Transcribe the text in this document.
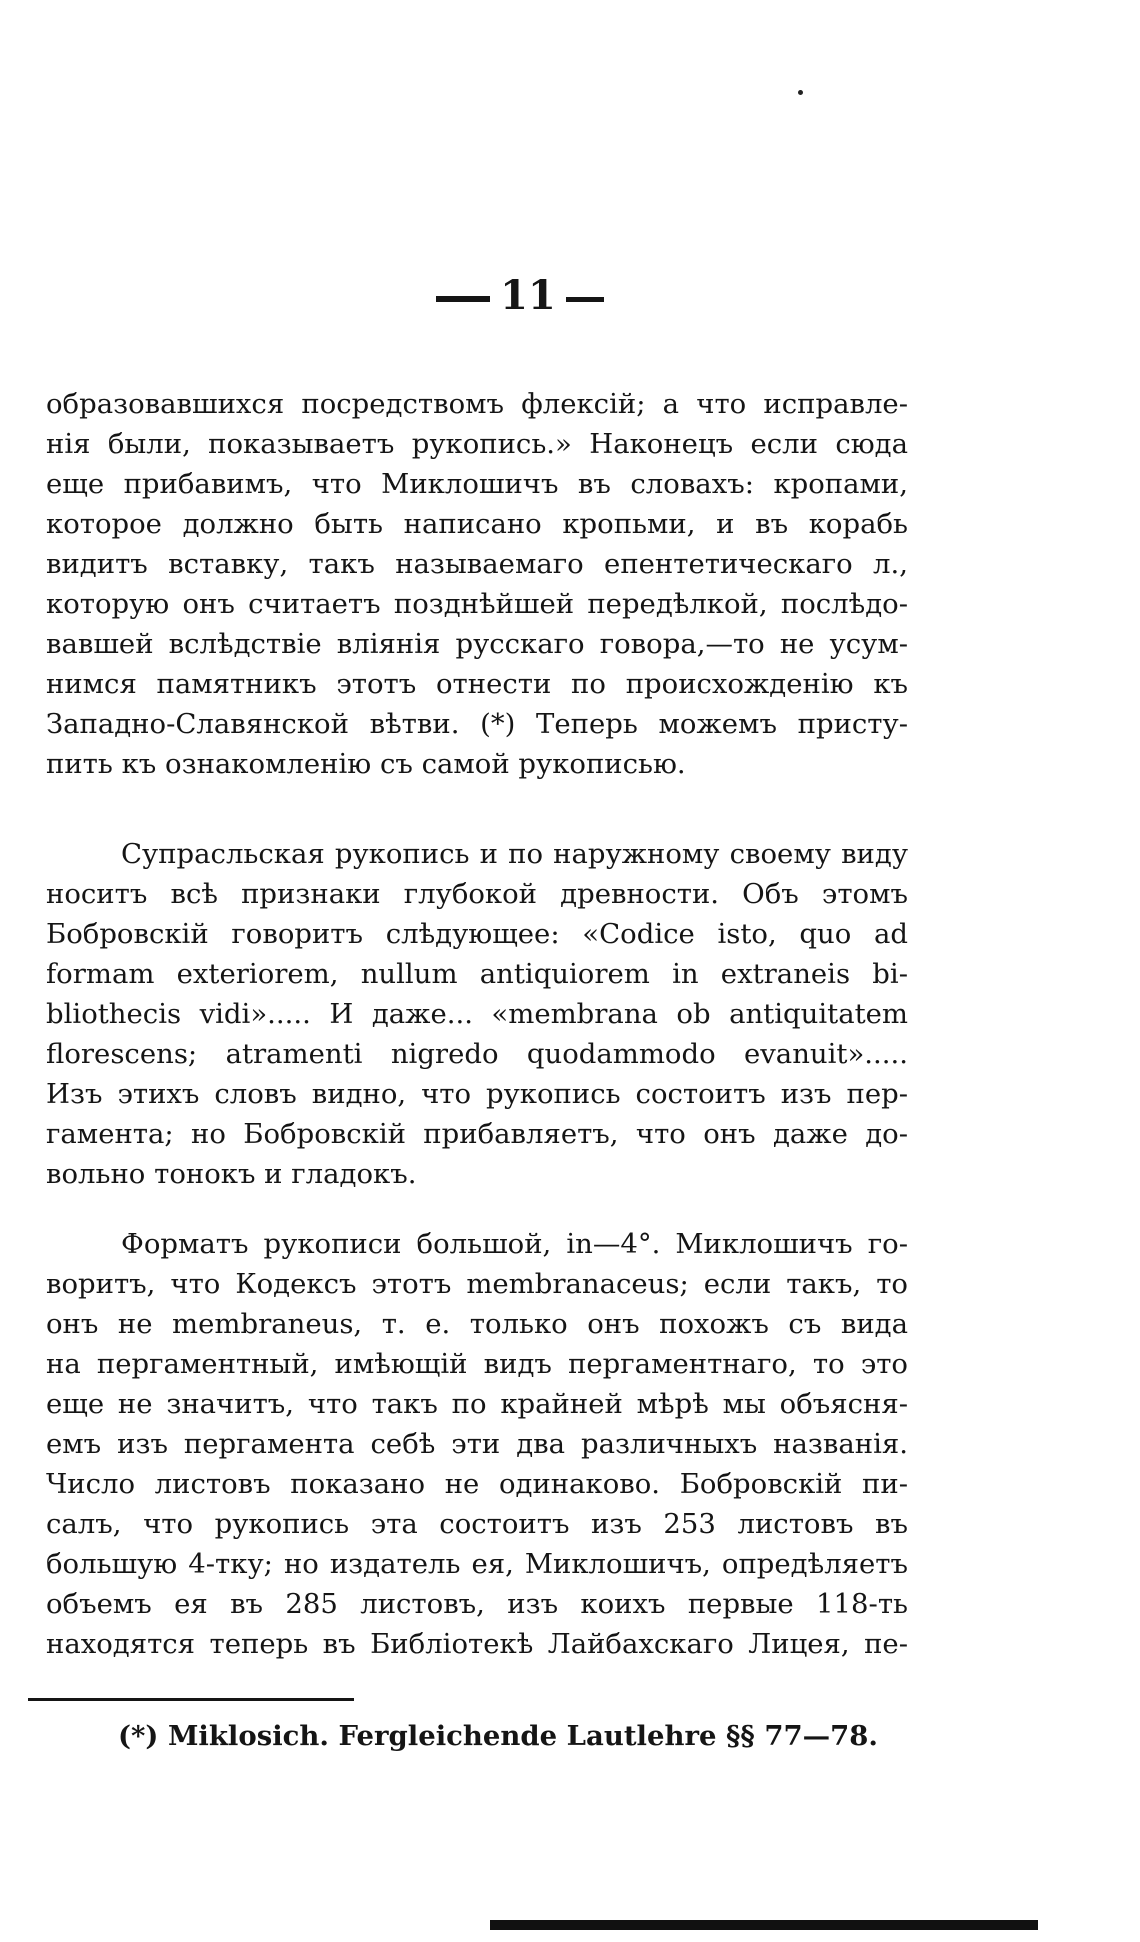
11
образовавшихся посредствомъ флексій; а что исправле-
нія были, показываетъ рукопись.» Наконецъ если сюда
еще прибавимъ, что Миклошичъ въ словахъ: кропами,
которое должно быть написано кропьми, и въ корабь
видитъ вставку, такъ называемаго епентетическаго л.,
которую онъ считаетъ позднѣйшей передѣлкой, послѣдо-
вавшей вслѣдствіе вліянія русскаго говора,—то не усум-
нимся памятникъ этотъ отнести по происхожденію къ
Западно-Славянской вѣтви. (*) Теперь можемъ присту-
пить къ ознакомленію съ самой рукописью.
Супрасльская рукопись и по наружному своему виду
носитъ всѣ признаки глубокой древности. Объ этомъ
Бобровскій говоритъ слѣдующее: «Codice isto, quo ad
formam exteriorem, nullum antiquiorem in extraneis bi-
bliothecis vidi»..... И даже... «membrana ob antiquitatem
florescens; atramenti nigredo quodammodo evanuit».....
Изъ этихъ словъ видно, что рукопись состоитъ изъ пер-
гамента; но Бобровскій прибавляетъ, что онъ даже до-
вольно тонокъ и гладокъ.
Форматъ рукописи большой, in—4°. Миклошичъ го-
воритъ, что Кодексъ этотъ membranaceus; если такъ, то
онъ не membraneus, т. е. только онъ похожъ съ вида
на пергаментный, имѣющій видъ пергаментнаго, то это
еще не значитъ, что такъ по крайней мѣрѣ мы объясня-
емъ изъ пергамента себѣ эти два различныхъ названія.
Число листовъ показано не одинаково. Бобровскій пи-
салъ, что рукопись эта состоитъ изъ 253 листовъ въ
большую 4-тку; но издатель ея, Миклошичъ, опредѣляетъ
объемъ ея въ 285 листовъ, изъ коихъ первые 118-ть
находятся теперь въ Библіотекѣ Лайбахскаго Лицея, пе-

(*) Miklosich. Fergleichende Lautlehre §§ 77—78.
